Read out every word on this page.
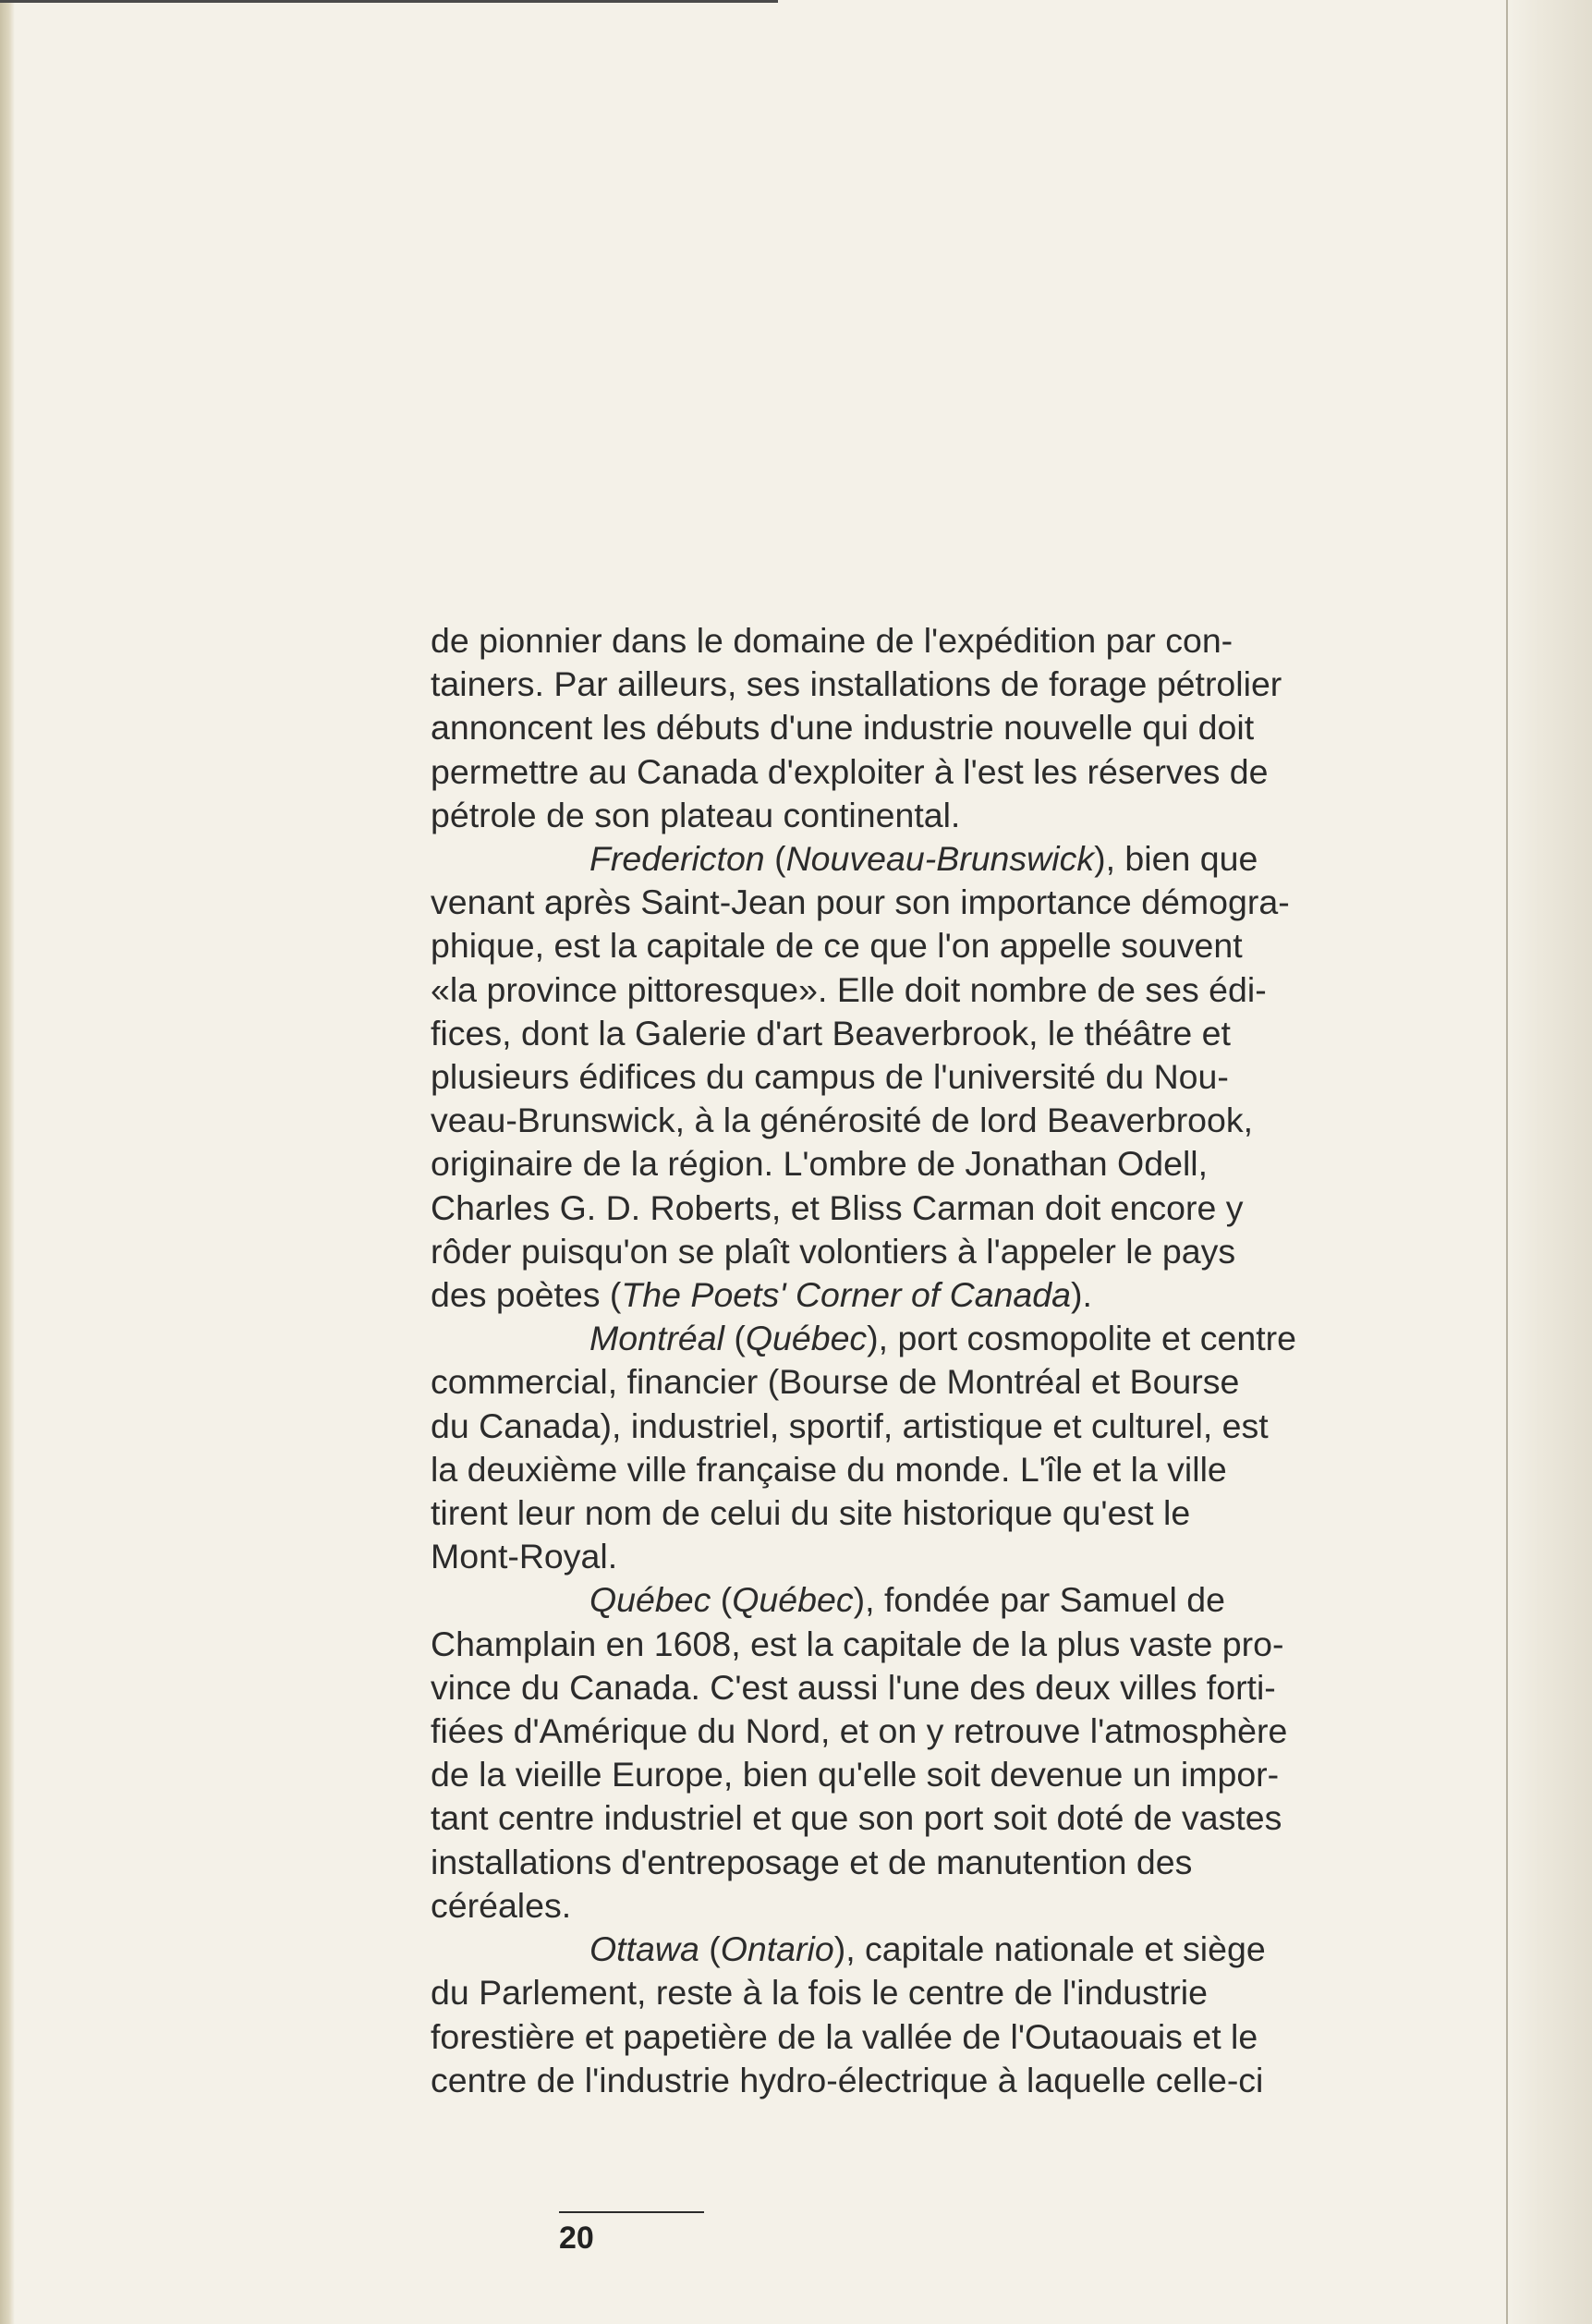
de pionnier dans le domaine de l'expédition par con-
tainers. Par ailleurs, ses installations de forage pétrolier
annoncent les débuts d'une industrie nouvelle qui doit
permettre au Canada d'exploiter à l'est les réserves de
pétrole de son plateau continental.
Fredericton (Nouveau-Brunswick), bien que
venant après Saint-Jean pour son importance démogra-
phique, est la capitale de ce que l'on appelle souvent
«la province pittoresque». Elle doit nombre de ses édi-
fices, dont la Galerie d'art Beaverbrook, le théâtre et
plusieurs édifices du campus de l'université du Nou-
veau-Brunswick, à la générosité de lord Beaverbrook,
originaire de la région. L'ombre de Jonathan Odell,
Charles G. D. Roberts, et Bliss Carman doit encore y
rôder puisqu'on se plaît volontiers à l'appeler le pays
des poètes (The Poets' Corner of Canada).
Montréal (Québec), port cosmopolite et centre
commercial, financier (Bourse de Montréal et Bourse
du Canada), industriel, sportif, artistique et culturel, est
la deuxième ville française du monde. L'île et la ville
tirent leur nom de celui du site historique qu'est le
Mont-Royal.
Québec (Québec), fondée par Samuel de
Champlain en 1608, est la capitale de la plus vaste pro-
vince du Canada. C'est aussi l'une des deux villes forti-
fiées d'Amérique du Nord, et on y retrouve l'atmosphère
de la vieille Europe, bien qu'elle soit devenue un impor-
tant centre industriel et que son port soit doté de vastes
installations d'entreposage et de manutention des
céréales.
Ottawa (Ontario), capitale nationale et siège
du Parlement, reste à la fois le centre de l'industrie
forestière et papetière de la vallée de l'Outaouais et le
centre de l'industrie hydro-électrique à laquelle celle-ci
20
